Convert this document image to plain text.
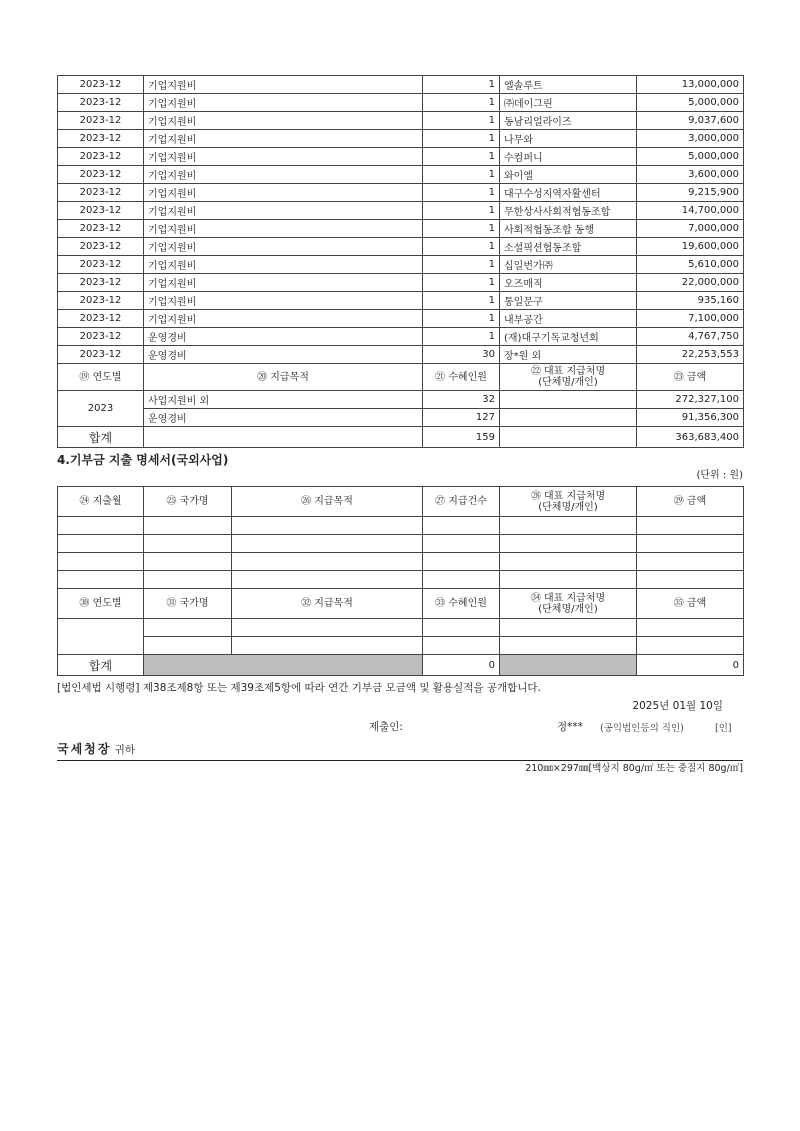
2023-12	기업지원비	1	엘솔루트	13,000,000
2023-12	기업지원비	1	㈜데이그린	5,000,000
2023-12	기업지원비	1	동남리얼라이즈	9,037,600
2023-12	기업지원비	1	나무와	3,000,000
2023-12	기업지원비	1	수컴퍼니	5,000,000
2023-12	기업지원비	1	와이엘	3,600,000
2023-12	기업지원비	1	대구수성지역자활센터	9,215,900
2023-12	기업지원비	1	무한상사사회적협동조합	14,700,000
2023-12	기업지원비	1	사회적협동조합 동행	7,000,000
2023-12	기업지원비	1	소셜픽션협동조합	19,600,000
2023-12	기업지원비	1	십일번가㈜	5,610,000
2023-12	기업지원비	1	오즈매직	22,000,000
2023-12	기업지원비	1	통일문구	935,160
2023-12	기업지원비	1	내부공간	7,100,000
2023-12	운영경비	1	(재)대구기독교청년회	4,767,750
2023-12	운영경비	30	장*원 외	22,253,553
⑲ 연도별	⑳ 지급목적	㉑ 수혜인원	㉒ 대표 지급처명
(단체명/개인)	㉓ 금액
2023	사업지원비 외	32		272,327,100
	운영경비	127		91,356,300
합계		159		363,683,400
4.기부금 지출 명세서(국외사업)
(단위 : 원)
㉔ 지출월	㉕ 국가명	㉖ 지급목적	㉗ 지급건수	㉘ 대표 지급처명
(단체명/개인)	㉙ 금액

㉚ 연도별	㉛ 국가명	㉜ 지급목적	㉝ 수혜인원	㉞ 대표 지급처명
(단체명/개인)	㉟ 금액

합계			0		0
[법인세법 시행령] 제38조제8항 또는 제39조제5항에 따라 연간 기부금 모금액 및 활용실적을 공개합니다.
2025년 01월 10일
제출인:	정*** (공익법인등의 직인)	[인]
국세청장 귀하
210㎜×297㎜[백상지 80g/㎡ 또는 중질지 80g/㎡]
